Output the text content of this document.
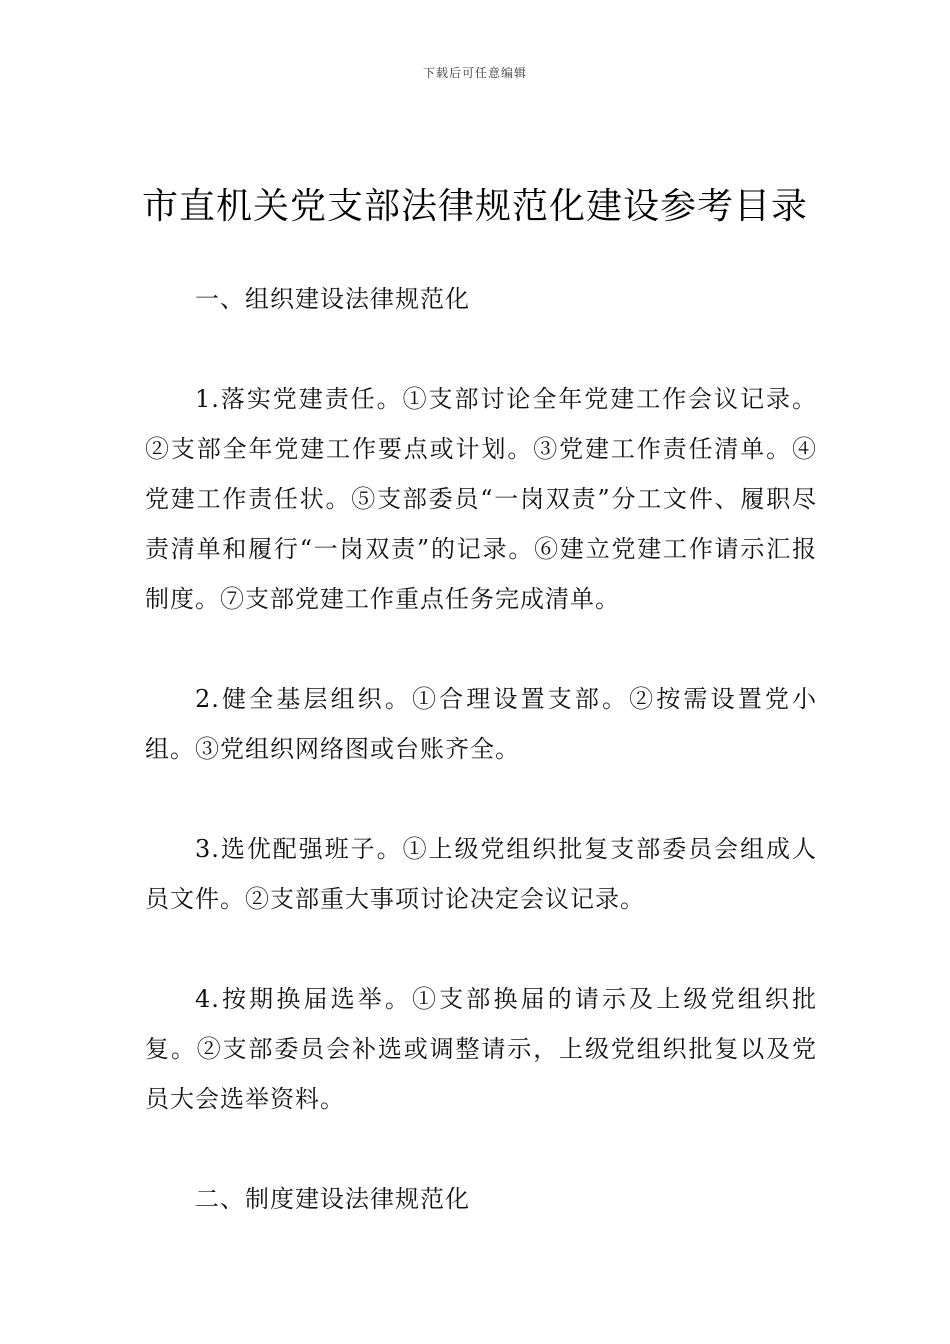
下载后可任意编辑
市直机关党支部法律规范化建设参考目录

一、组织建设法律规范化

1.落实党建责任。①支部讨论全年党建工作会议记录。②支部全年党建工作要点或计划。③党建工作责任清单。④党建工作责任状。⑤支部委员“一岗双责”分工文件、履职尽责清单和履行“一岗双责”的记录。⑥建立党建工作请示汇报制度。⑦支部党建工作重点任务完成清单。

2.健全基层组织。①合理设置支部。②按需设置党小组。③党组织网络图或台账齐全。

3.选优配强班子。①上级党组织批复支部委员会组成人员文件。②支部重大事项讨论决定会议记录。

4.按期换届选举。①支部换届的请示及上级党组织批复。②支部委员会补选或调整请示，上级党组织批复以及党员大会选举资料。

二、制度建设法律规范化
